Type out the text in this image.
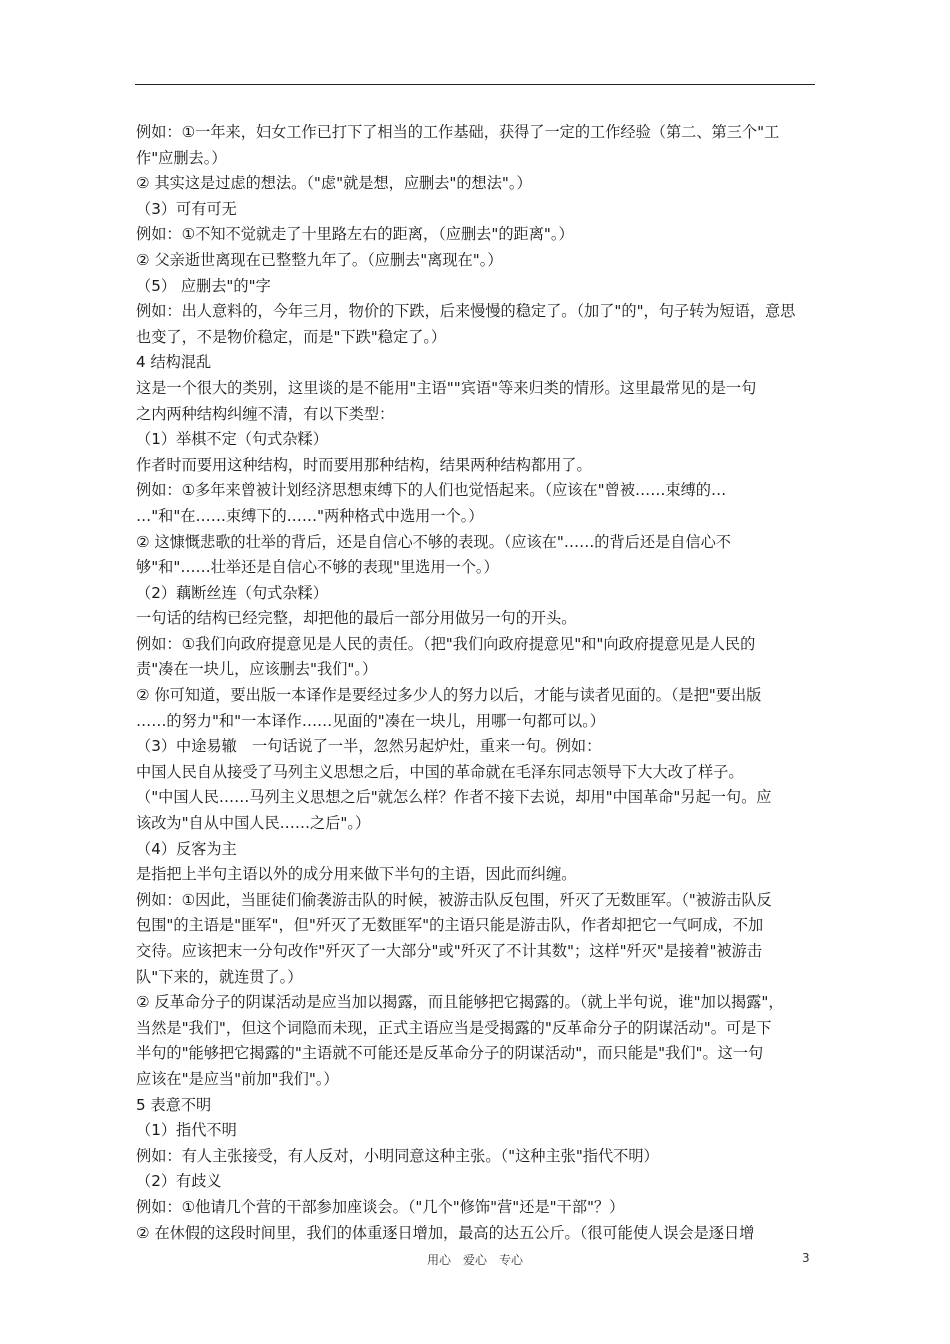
例如：①一年来，妇女工作已打下了相当的工作基础，获得了一定的工作经验（第二、第三个"工
作"应删去。）
② 其实这是过虑的想法。（"虑"就是想，应删去"的想法"。）
（3）可有可无
例如：①不知不觉就走了十里路左右的距离，（应删去"的距离"。）
② 父亲逝世离现在已整整九年了。（应删去"离现在"。）
（5） 应删去"的"字
例如：出人意料的，今年三月，物价的下跌，后来慢慢的稳定了。（加了"的"，句子转为短语，意思
也变了，不是物价稳定，而是"下跌"稳定了。）
4 结构混乱
这是一个很大的类别，这里谈的是不能用"主语""宾语"等来归类的情形。这里最常见的是一句
之内两种结构纠缠不清，有以下类型：
（1）举棋不定（句式杂糅）
作者时而要用这种结构，时而要用那种结构，结果两种结构都用了。
例如：①多年来曾被计划经济思想束缚下的人们也觉悟起来。（应该在"曾被……束缚的…
…"和"在……束缚下的……"两种格式中选用一个。）
② 这慷慨悲歌的壮举的背后，还是自信心不够的表现。（应该在"……的背后还是自信心不
够"和"……壮举还是自信心不够的表现"里选用一个。）
（2）藕断丝连（句式杂糅）
一句话的结构已经完整，却把他的最后一部分用做另一句的开头。
例如：①我们向政府提意见是人民的责任。（把"我们向政府提意见"和"向政府提意见是人民的
责"凑在一块儿，应该删去"我们"。）
② 你可知道，要出版一本译作是要经过多少人的努力以后，才能与读者见面的。（是把"要出版
……的努力"和"一本译作……见面的"凑在一块儿，用哪一句都可以。）
（3）中途易辙　一句话说了一半，忽然另起炉灶，重来一句。例如：
中国人民自从接受了马列主义思想之后，中国的革命就在毛泽东同志领导下大大改了样子。
（"中国人民……马列主义思想之后"就怎么样？作者不接下去说，却用"中国革命"另起一句。应
该改为"自从中国人民……之后"。）
（4）反客为主
是指把上半句主语以外的成分用来做下半句的主语，因此而纠缠。
例如：①因此，当匪徒们偷袭游击队的时候，被游击队反包围，歼灭了无数匪军。（"被游击队反
包围"的主语是"匪军"，但"歼灭了无数匪军"的主语只能是游击队，作者却把它一气呵成，不加
交待。应该把末一分句改作"歼灭了一大部分"或"歼灭了不计其数"；这样"歼灭"是接着"被游击
队"下来的，就连贯了。）
② 反革命分子的阴谋活动是应当加以揭露，而且能够把它揭露的。（就上半句说，谁"加以揭露"，
当然是"我们"，但这个词隐而未现，正式主语应当是受揭露的"反革命分子的阴谋活动"。可是下
半句的"能够把它揭露的"主语就不可能还是反革命分子的阴谋活动"，而只能是"我们"。这一句
应该在"是应当"前加"我们"。）
5 表意不明
（1）指代不明
例如：有人主张接受，有人反对，小明同意这种主张。（"这种主张"指代不明）
（2）有歧义
例如：①他请几个营的干部参加座谈会。（"几个"修饰"营"还是"干部"？）
② 在休假的这段时间里，我们的体重逐日增加，最高的达五公斤。（很可能使人误会是逐日增
用心　爱心　专心	3
